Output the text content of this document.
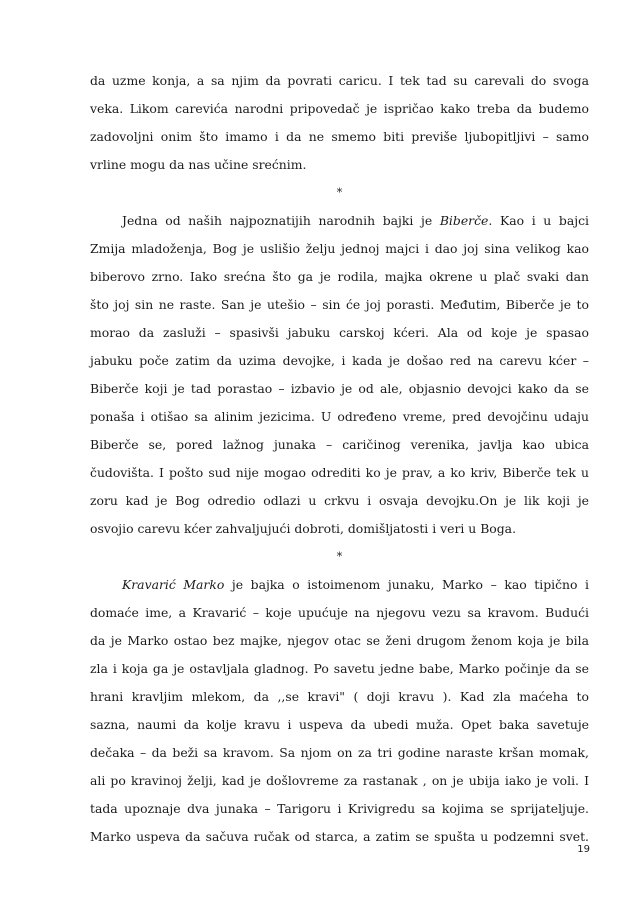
da uzme konja, a sa njim da povrati caricu. I tek tad su carevali do svoga
veka. Likom carevića narodni pripovedač je ispričao kako treba da budemo
zadovoljni onim što imamo i da ne smemo biti previše ljubopitljivi – samo
vrline mogu da nas učine srećnim.
*
Jedna od naših najpoznatijih narodnih bajki je Biberče. Kao i u bajci
Zmija mladoženja, Bog je uslišio želju jednoj majci i dao joj sina velikog kao
biberovo zrno. Iako srećna što ga je rodila, majka okrene u plač svaki dan
što joj sin ne raste. San je utešio – sin će joj porasti. Međutim, Biberče je to
morao da zasluži – spasivši jabuku carskoj kćeri. Ala od koje je spasao
jabuku poče zatim da uzima devojke, i kada je došao red na carevu kćer –
Biberče koji je tad porastao – izbavio je od ale, objasnio devojci kako da se
ponaša i otišao sa alinim jezicima. U određeno vreme, pred devojčinu udaju
Biberče se, pored lažnog junaka – caričinog verenika, javlja kao ubica
čudovišta. I pošto sud nije mogao odrediti ko je prav, a ko kriv, Biberče tek u
zoru kad je Bog odredio odlazi u crkvu i osvaja devojku.On je lik koji je
osvojio carevu kćer zahvaljujući dobroti, domišljatosti i veri u Boga.
*
Kravarić Marko je bajka o istoimenom junaku, Marko – kao tipično i
domaće ime, a Kravarić – koje upućuje na njegovu vezu sa kravom. Budući
da je Marko ostao bez majke, njegov otac se ženi drugom ženom koja je bila
zla i koja ga je ostavljala gladnog. Po savetu jedne babe, Marko počinje da se
hrani kravljim mlekom, da ,,se kravi" ( doji kravu ). Kad zla maćeha to
sazna, naumi da kolje kravu i uspeva da ubedi muža. Opet baka savetuje
dečaka – da beži sa kravom. Sa njom on za tri godine naraste kršan momak,
ali po kravinoj želji, kad je došlovreme za rastanak , on je ubija iako je voli. I
tada upoznaje dva junaka – Tarigoru i Krivigredu sa kojima se sprijateljuje.
Marko uspeva da sačuva ručak od starca, a zatim se spušta u podzemni svet.
19
